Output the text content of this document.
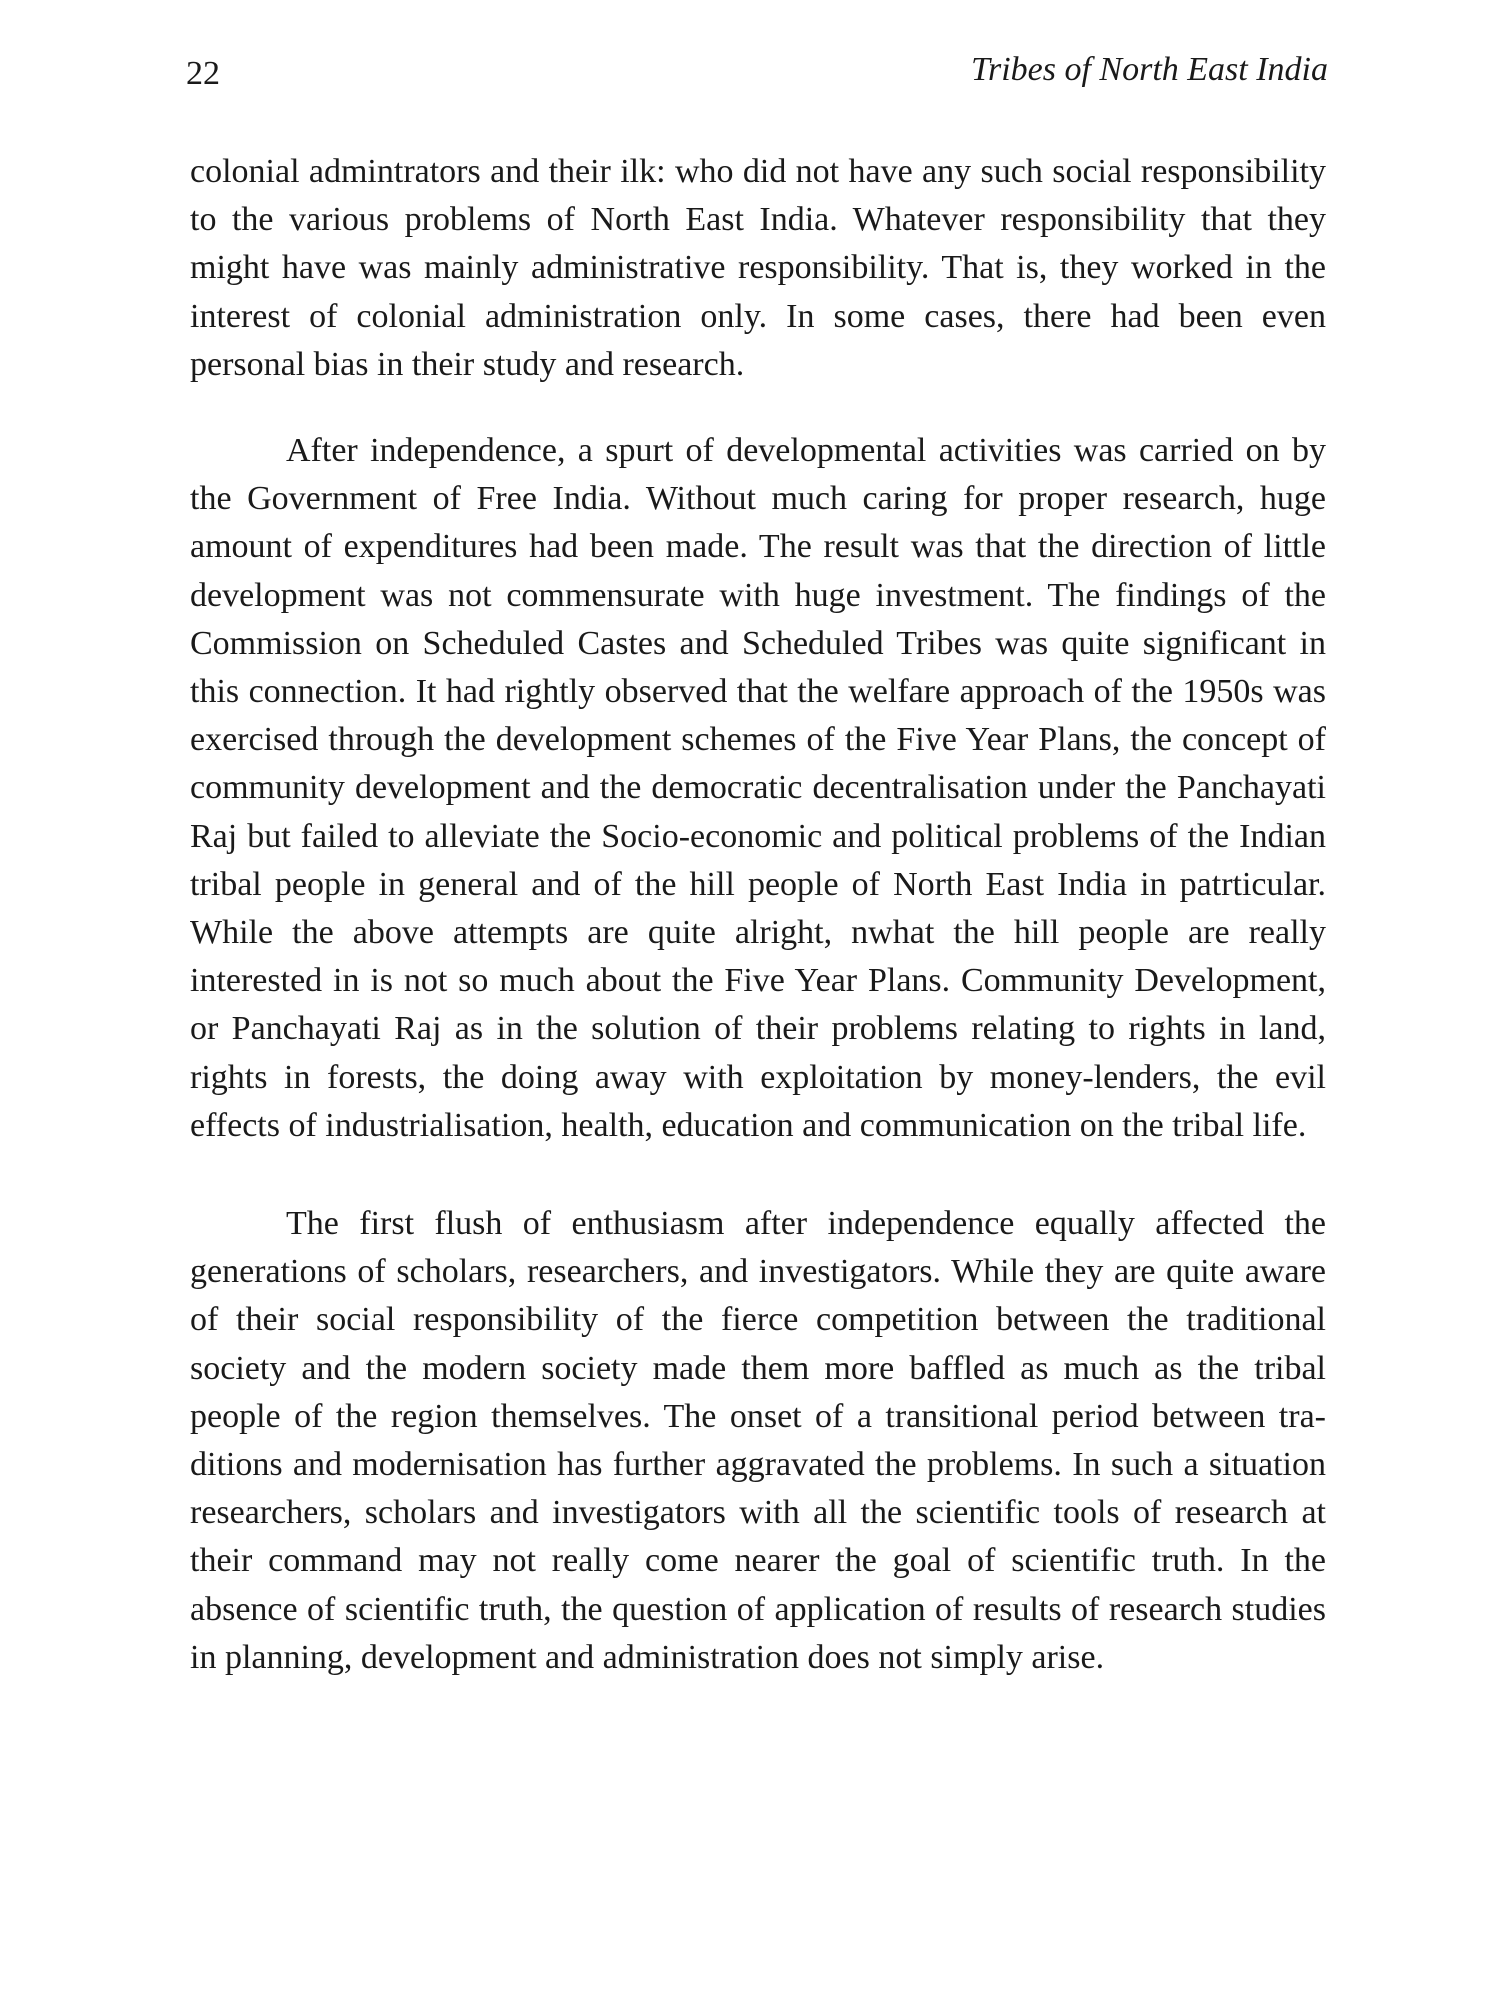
22	Tribes of North East India

colonial admintrators and their ilk: who did not have any such social responsibility to the various problems of North East India. Whatever responsibility that they might have was mainly administrative responsibility. That is, they worked in the interest of colonial administration only. In some cases, there had been even personal bias in their study and research.

After independence, a spurt of developmental activities was carried on by the Government of Free India. Without much caring for proper research, huge amount of expenditures had been made. The result was that the direction of little development was not commensurate with huge investment. The findings of the Commission on Scheduled Castes and Scheduled Tribes was quite significant in this connection. It had rightly observed that the welfare approach of the 1950s was exercised through the development schemes of the Five Year Plans, the concept of community development and the democratic decentralisation under the Panchayati Raj but failed to alleviate the Socio-economic and political problems of the Indian tribal people in general and of the hill people of North East India in patrticular. While the above attempts are quite alright, nwhat the hill people are really interested in is not so much about the Five Year Plans. Community Development, or Panchayati Raj as in the solution of their problems relating to rights in land, rights in forests, the doing away with exploitation by money-lenders, the evil effects of industrialisation, health, education and communication on the tribal life.

The first flush of enthusiasm after independence equally affected the generations of scholars, researchers, and investigators. While they are quite aware of their social responsibility of the fierce competition between the traditional society and the modern society made them more baffled as much as the tribal people of the region themselves. The onset of a transitional period between traditions and modernisation has further aggravated the problems. In such a situation researchers, scholars and investigators with all the scientific tools of research at their command may not really come nearer the goal of scientific truth. In the absence of scientific truth, the question of application of results of research studies in planning, development and administration does not simply arise.
